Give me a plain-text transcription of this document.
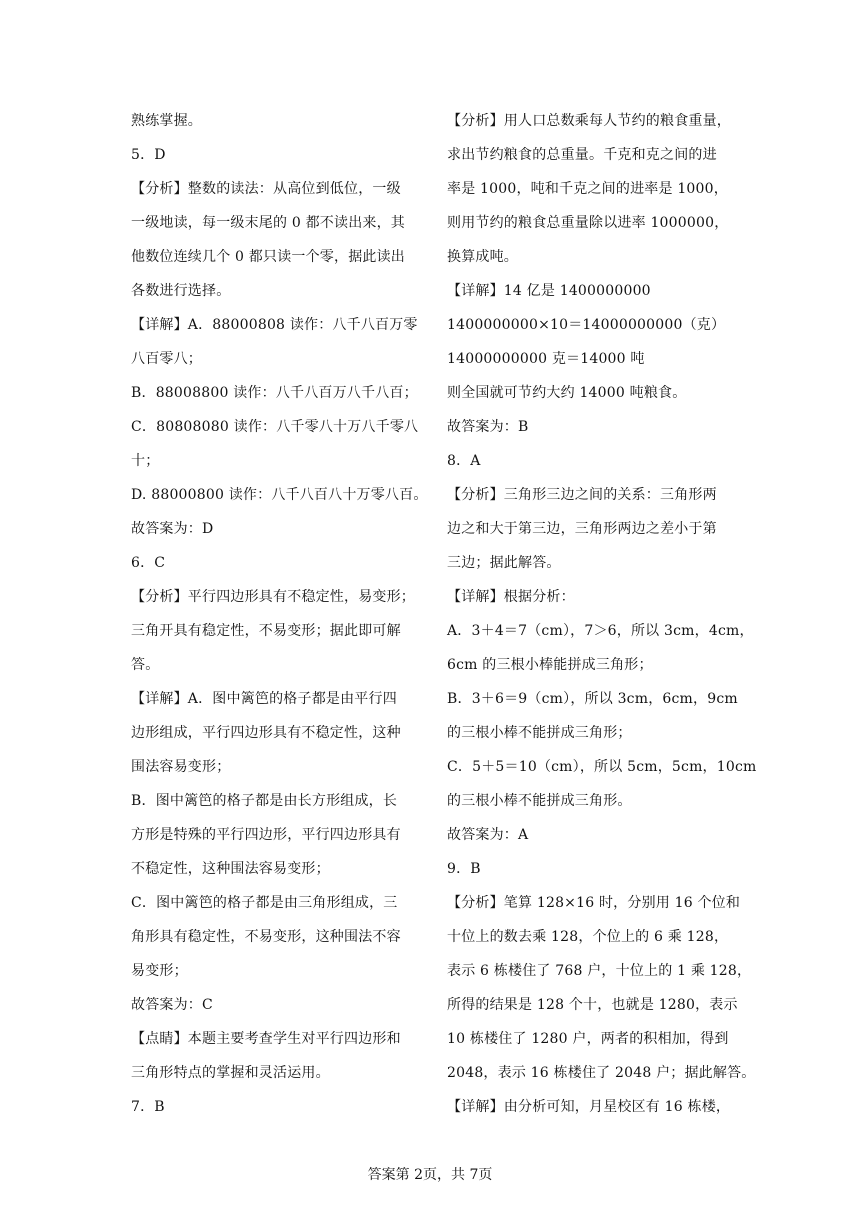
熟练掌握。
5．D
【分析】整数的读法：从高位到低位，一级
一级地读，每一级末尾的 0 都不读出来，其
他数位连续几个 0 都只读一个零，据此读出
各数进行选择。
【详解】A．88000808 读作：八千八百万零
八百零八；
B．88008800 读作：八千八百万八千八百；
C．80808080 读作：八千零八十万八千零八
十；
D. 88000800 读作：八千八百八十万零八百。
故答案为：D
6．C
【分析】平行四边形具有不稳定性，易变形；
三角开具有稳定性，不易变形；据此即可解
答。
【详解】A．图中篱笆的格子都是由平行四
边形组成，平行四边形具有不稳定性，这种
围法容易变形；
B．图中篱笆的格子都是由长方形组成，长
方形是特殊的平行四边形，平行四边形具有
不稳定性，这种围法容易变形；
C．图中篱笆的格子都是由三角形组成，三
角形具有稳定性，不易变形，这种围法不容
易变形；
故答案为：C
【点睛】本题主要考查学生对平行四边形和
三角形特点的掌握和灵活运用。
7．B
【分析】用人口总数乘每人节约的粮食重量，
求出节约粮食的总重量。千克和克之间的进
率是 1000，吨和千克之间的进率是 1000，
则用节约的粮食总重量除以进率 1000000，
换算成吨。
【详解】14 亿是 1400000000
1400000000×10＝14000000000（克）
14000000000 克＝14000 吨
则全国就可节约大约 14000 吨粮食。
故答案为：B
8．A
【分析】三角形三边之间的关系：三角形两
边之和大于第三边，三角形两边之差小于第
三边；据此解答。
【详解】根据分析：
A．3＋4＝7（cm），7＞6，所以 3cm，4cm，
6cm 的三根小棒能拼成三角形；
B．3＋6＝9（cm），所以 3cm，6cm，9cm
的三根小棒不能拼成三角形；
C．5＋5＝10（cm），所以 5cm，5cm，10cm
的三根小棒不能拼成三角形。
故答案为：A
9．B
【分析】笔算 128×16 时，分别用 16 个位和
十位上的数去乘 128，个位上的 6 乘 128，
表示 6 栋楼住了 768 户，十位上的 1 乘 128，
所得的结果是 128 个十，也就是 1280，表示
10 栋楼住了 1280 户，两者的积相加，得到
2048，表示 16 栋楼住了 2048 户；据此解答。
【详解】由分析可知，月星校区有 16 栋楼，
答案第 2页，共 7页
